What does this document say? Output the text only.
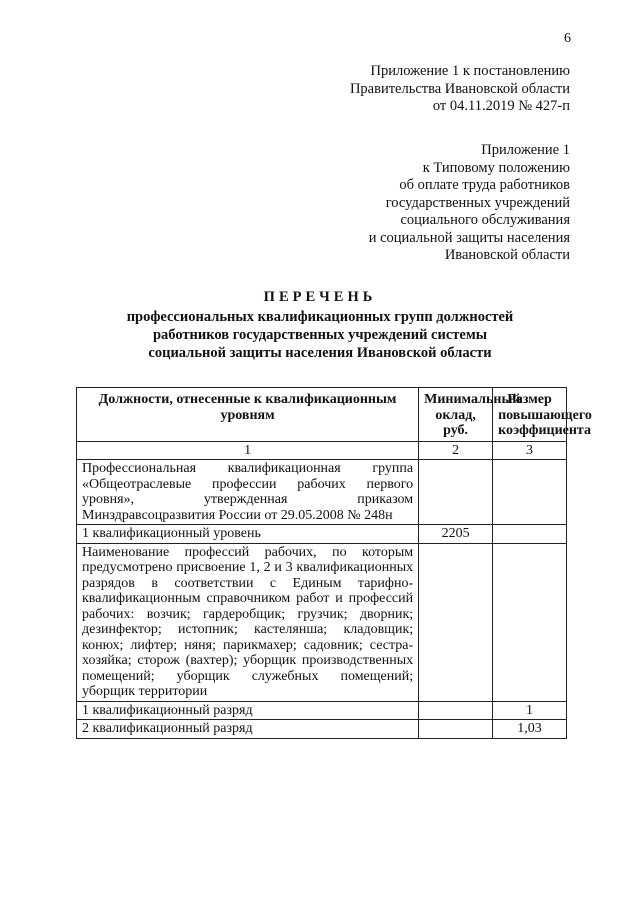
6
Приложение 1 к постановлению
Правительства Ивановской области
от 04.11.2019 № 427-п
Приложение 1
к Типовому положению
об оплате труда работников
государственных учреждений
социального обслуживания
и социальной защиты населения
Ивановской области
ПЕРЕЧЕНЬ
профессиональных квалификационных групп должностей
работников государственных учреждений системы
социальной защиты населения Ивановской области
Должности, отнесенные к квалификационным уровням	Минимальный оклад, руб.	Размер повышающего коэффициента
1	2	3
Профессиональная квалификационная группа «Общеотраслевые профессии рабочих первого уровня», утвержденная приказом Минздравсоцразвития России от 29.05.2008 № 248н		
1 квалификационный уровень	2205	
Наименование профессий рабочих, по которым предусмотрено присвоение 1, 2 и 3 квалификационных разрядов в соответствии с Единым тарифно-квалификационным справочником работ и профессий рабочих: возчик; гардеробщик; грузчик; дворник; дезинфектор; истопник; кастелянша; кладовщик; конюх; лифтер; няня; парикмахер; садовник; сестра-хозяйка; сторож (вахтер); уборщик производственных помещений; уборщик служебных помещений; уборщик территории		
1 квалификационный разряд		1
2 квалификационный разряд		1,03
